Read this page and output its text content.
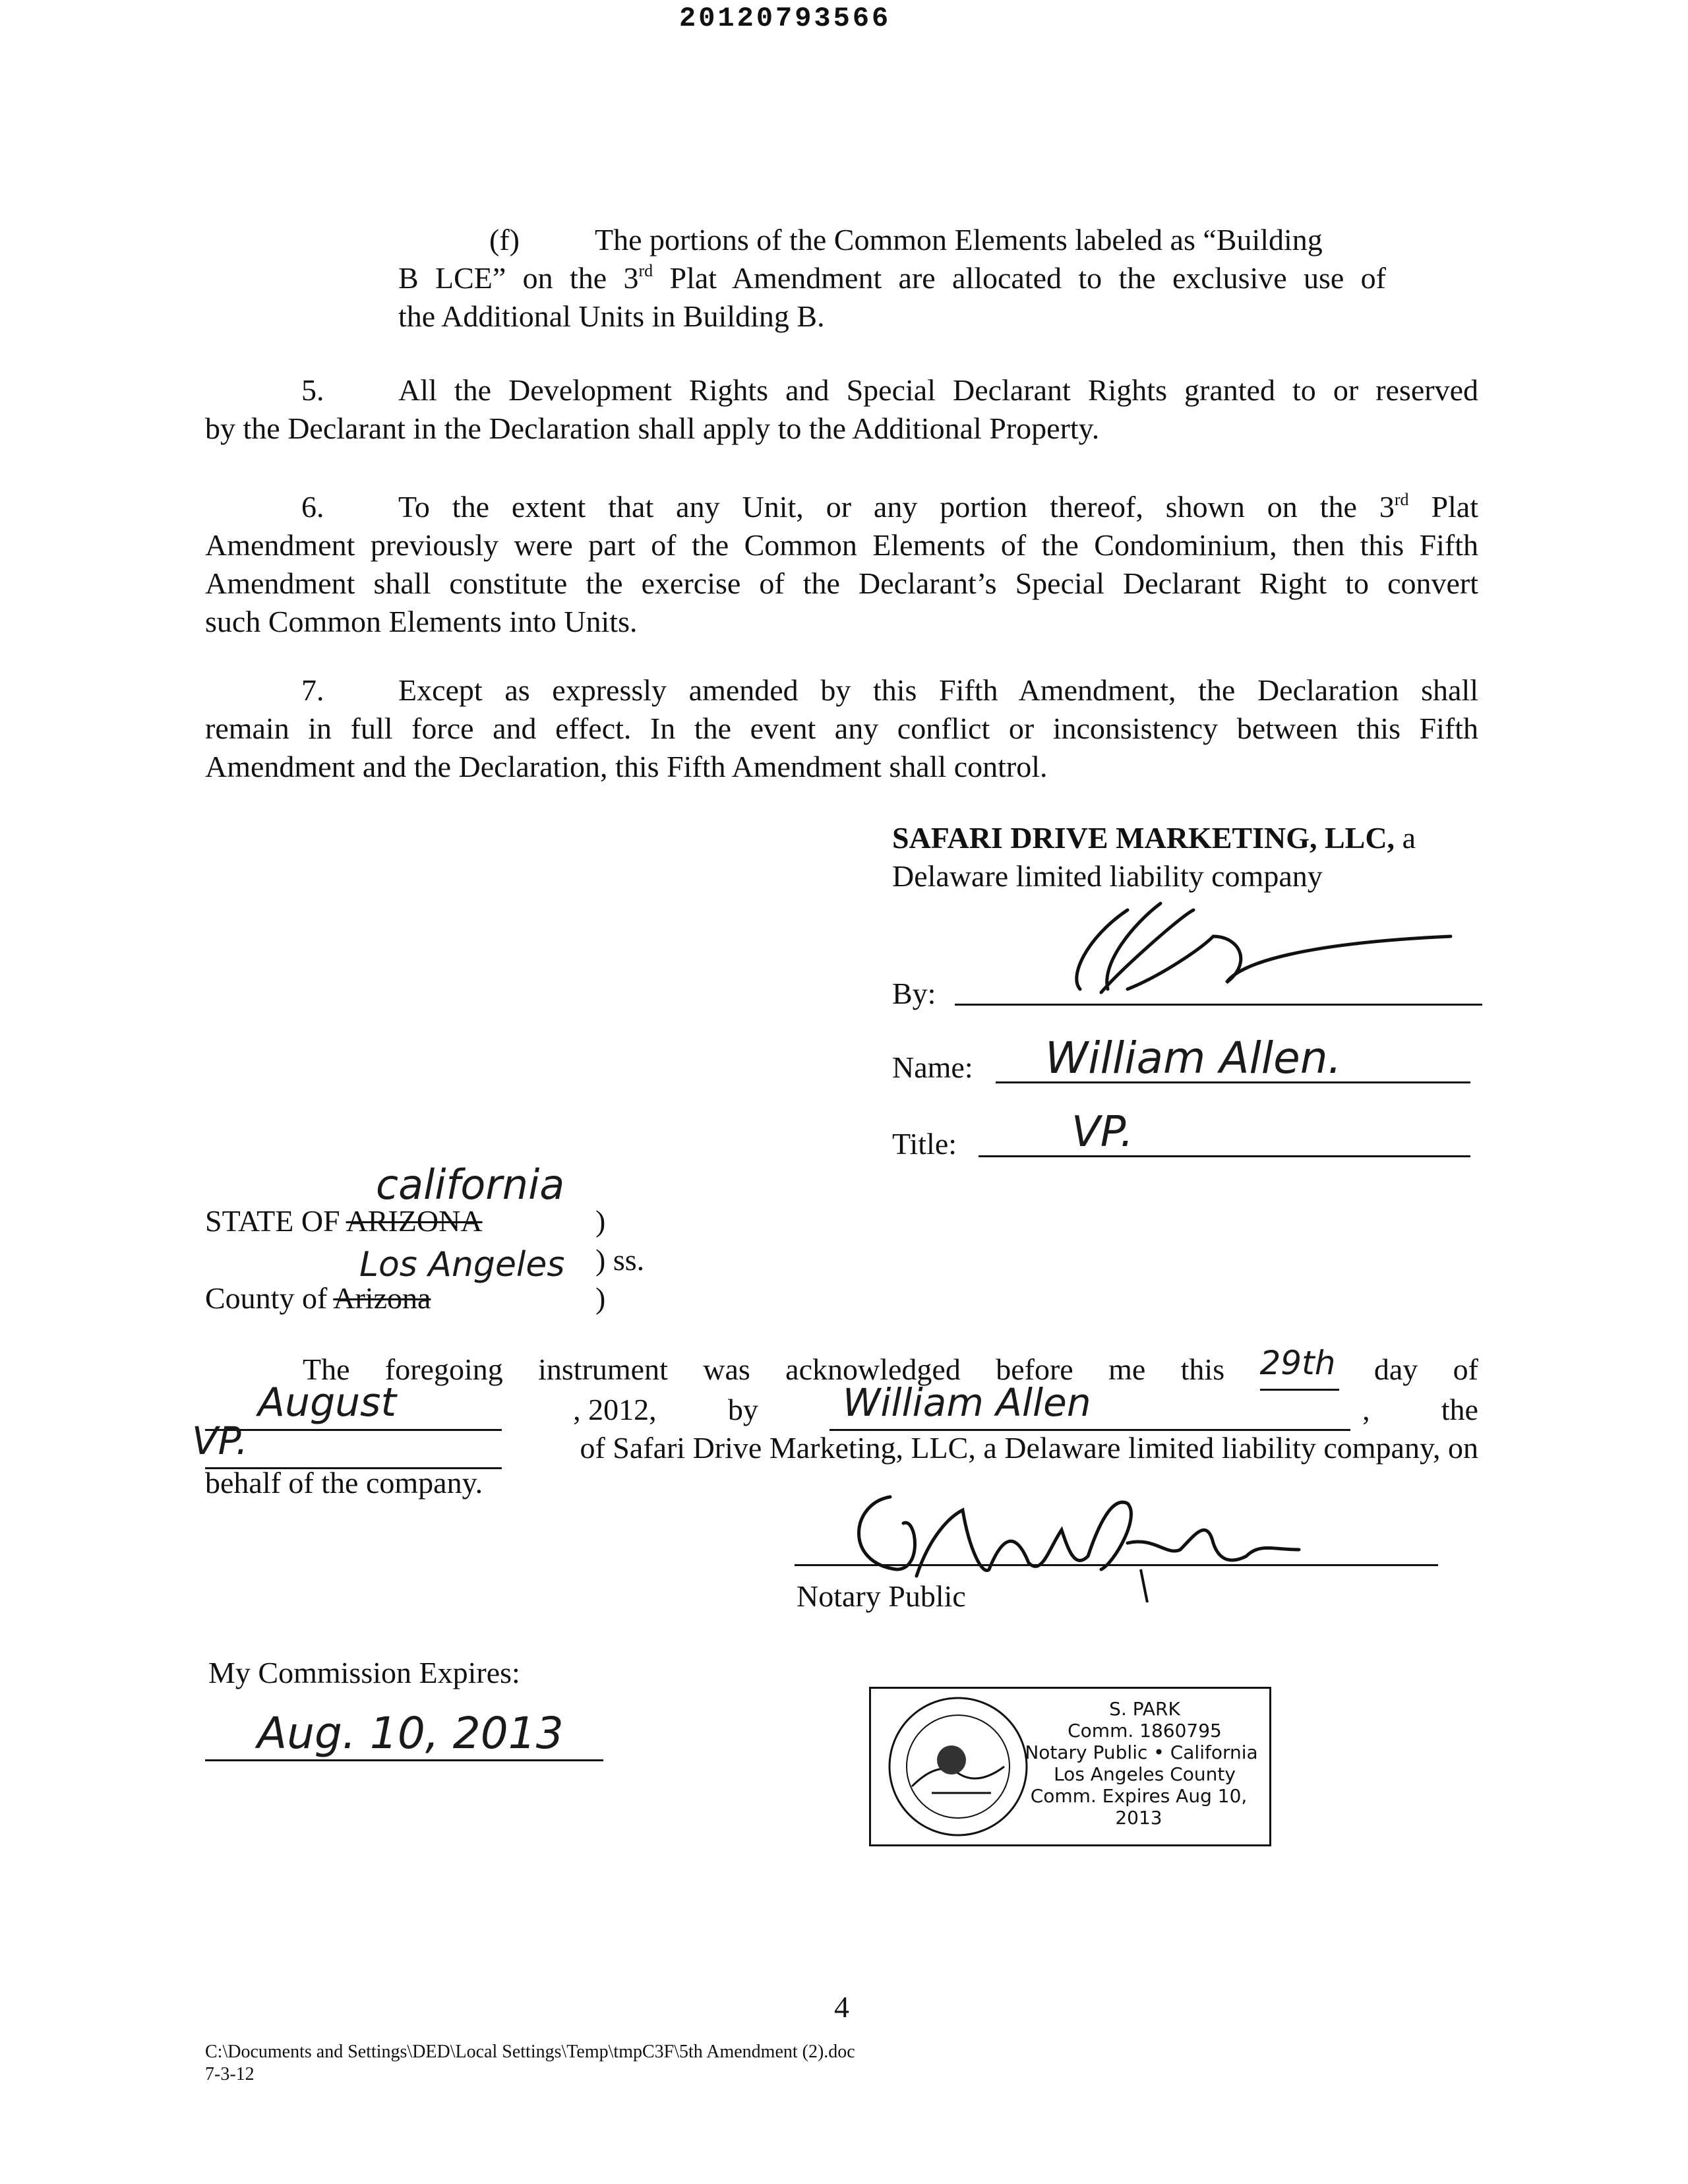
20120793566
(f) The portions of the Common Elements labeled as “Building
B LCE” on the 3rd Plat Amendment are allocated to the exclusive use of
the Additional Units in Building B.
5. All the Development Rights and Special Declarant Rights granted to or reserved
by the Declarant in the Declaration shall apply to the Additional Property.
6. To the extent that any Unit, or any portion thereof, shown on the 3rd Plat
Amendment previously were part of the Common Elements of the Condominium, then this Fifth
Amendment shall constitute the exercise of the Declarant’s Special Declarant Right to convert
such Common Elements into Units.
7. Except as expressly amended by this Fifth Amendment, the Declaration shall
remain in full force and effect. In the event any conflict or inconsistency between this Fifth
Amendment and the Declaration, this Fifth Amendment shall control.
SAFARI DRIVE MARKETING, LLC, a
Delaware limited liability company
By:
Name: William Allen.
Title:	VP.
california
STATE OF ARIZONA	)
Los Angeles ) ss.
County of Arizona	)
The foregoing instrument was acknowledged before me this 29th day of
August	, 2012, by	William Allen	, the
VP.	of Safari Drive Marketing, LLC, a Delaware limited liability company, on
behalf of the company.
Notary Public
My Commission Expires:
Aug. 10, 2013	S. PARK
Comm. 1860795
Notary Public • California
Los Angeles County
Comm. Expires Aug 10, 2013
4
C:\Documents and Settings\DED\Local Settings\Temp\tmpC3F\5th Amendment (2).doc
7-3-12
